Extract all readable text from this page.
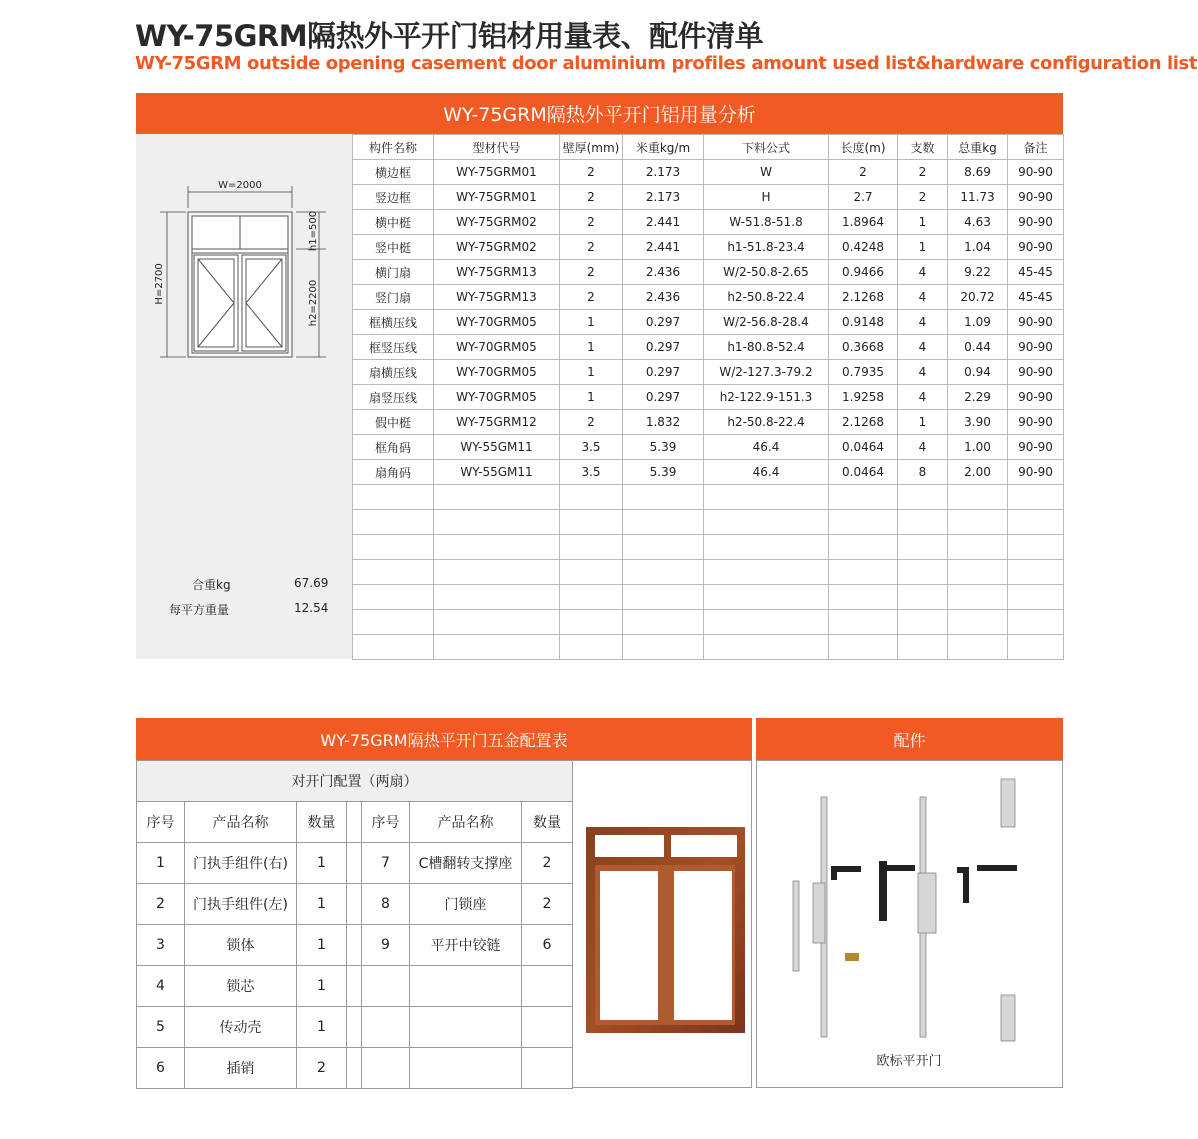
WY-75GRM隔热外平开门铝材用量表、配件清单
WY-75GRM outside opening casement door aluminium profiles amount used list&hardware configuration list
WY-75GRM隔热外平开门铝用量分析
W=2000
H=2700
h1=500
h2=2200
合重kg	67.69
每平方重量	12.54
构件名称	型材代号	壁厚(mm)	米重kg/m	下料公式	长度(m)	支数	总重kg	备注
横边框	WY-75GRM01	2	2.173	W	2	2	8.69	90-90
竖边框	WY-75GRM01	2	2.173	H	2.7	2	11.73	90-90
横中梃	WY-75GRM02	2	2.441	W-51.8-51.8	1.8964	1	4.63	90-90
竖中梃	WY-75GRM02	2	2.441	h1-51.8-23.4	0.4248	1	1.04	90-90
横门扇	WY-75GRM13	2	2.436	W/2-50.8-2.65	0.9466	4	9.22	45-45
竖门扇	WY-75GRM13	2	2.436	h2-50.8-22.4	2.1268	4	20.72	45-45
框横压线	WY-70GRM05	1	0.297	W/2-56.8-28.4	0.9148	4	1.09	90-90
框竖压线	WY-70GRM05	1	0.297	h1-80.8-52.4	0.3668	4	0.44	90-90
扇横压线	WY-70GRM05	1	0.297	W/2-127.3-79.2	0.7935	4	0.94	90-90
扇竖压线	WY-70GRM05	1	0.297	h2-122.9-151.3	1.9258	4	2.29	90-90
假中梃	WY-75GRM12	2	1.832	h2-50.8-22.4	2.1268	1	3.90	90-90
框角码	WY-55GM11	3.5	5.39	46.4	0.0464	4	1.00	90-90
扇角码	WY-55GM11	3.5	5.39	46.4	0.0464	8	2.00	90-90

WY-75GRM隔热平开门五金配置表	配件
对开门配置（两扇）						
序号	产品名称	数量		序号	产品名称	数量
1	门执手组件(右)	1		7	C槽翻转支撑座	2
2	门执手组件(左)	1		8	门锁座	2
3	锁体	1		9	平开中铰链	6
4	锁芯	1				
5	传动壳	1				
6	插销	2					欧标平开门
